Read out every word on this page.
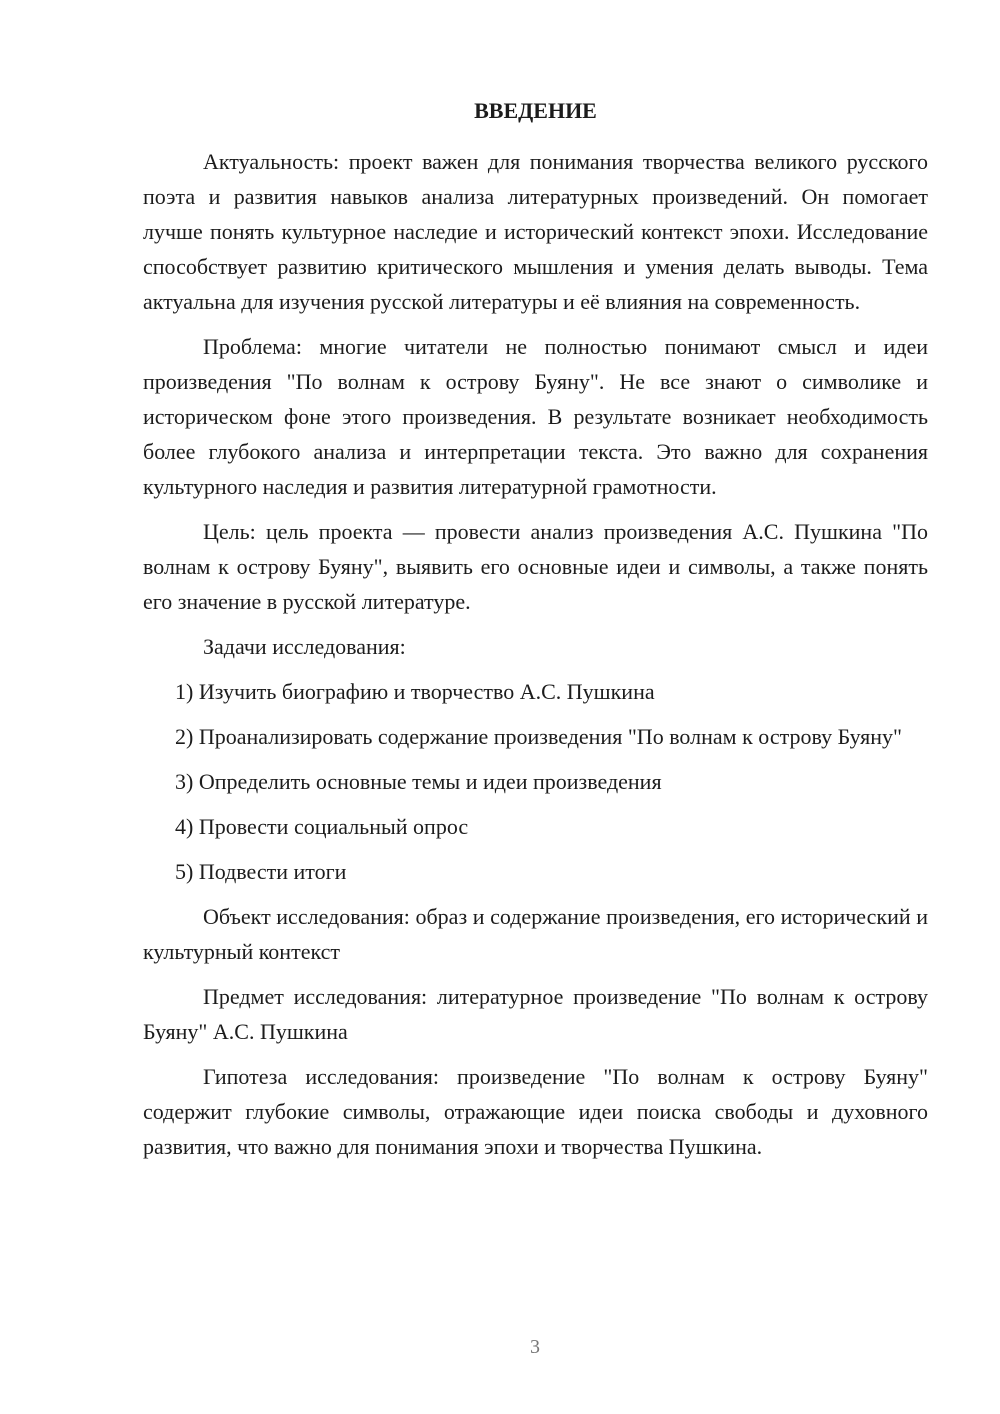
ВВЕДЕНИЕ

Актуальность: проект важен для понимания творчества великого русского поэта и развития навыков анализа литературных произведений. Он помогает лучше понять культурное наследие и исторический контекст эпохи. Исследование способствует развитию критического мышления и умения делать выводы. Тема актуальна для изучения русской литературы и её влияния на современность.

Проблема: многие читатели не полностью понимают смысл и идеи произведения "По волнам к острову Буяну". Не все знают о символике и историческом фоне этого произведения. В результате возникает необходимость более глубокого анализа и интерпретации текста. Это важно для сохранения культурного наследия и развития литературной грамотности.

Цель: цель проекта — провести анализ произведения А.С. Пушкина "По волнам к острову Буяну", выявить его основные идеи и символы, а также понять его значение в русской литературе.

Задачи исследования:

1) Изучить биографию и творчество А.С. Пушкина

2) Проанализировать содержание произведения "По волнам к острову Буяну"

3) Определить основные темы и идеи произведения

4) Провести социальный опрос

5) Подвести итоги

Объект исследования: образ и содержание произведения, его исторический и культурный контекст

Предмет исследования: литературное произведение "По волнам к острову Буяну" А.С. Пушкина

Гипотеза исследования: произведение "По волнам к острову Буяну" содержит глубокие символы, отражающие идеи поиска свободы и духовного развития, что важно для понимания эпохи и творчества Пушкина.

3
